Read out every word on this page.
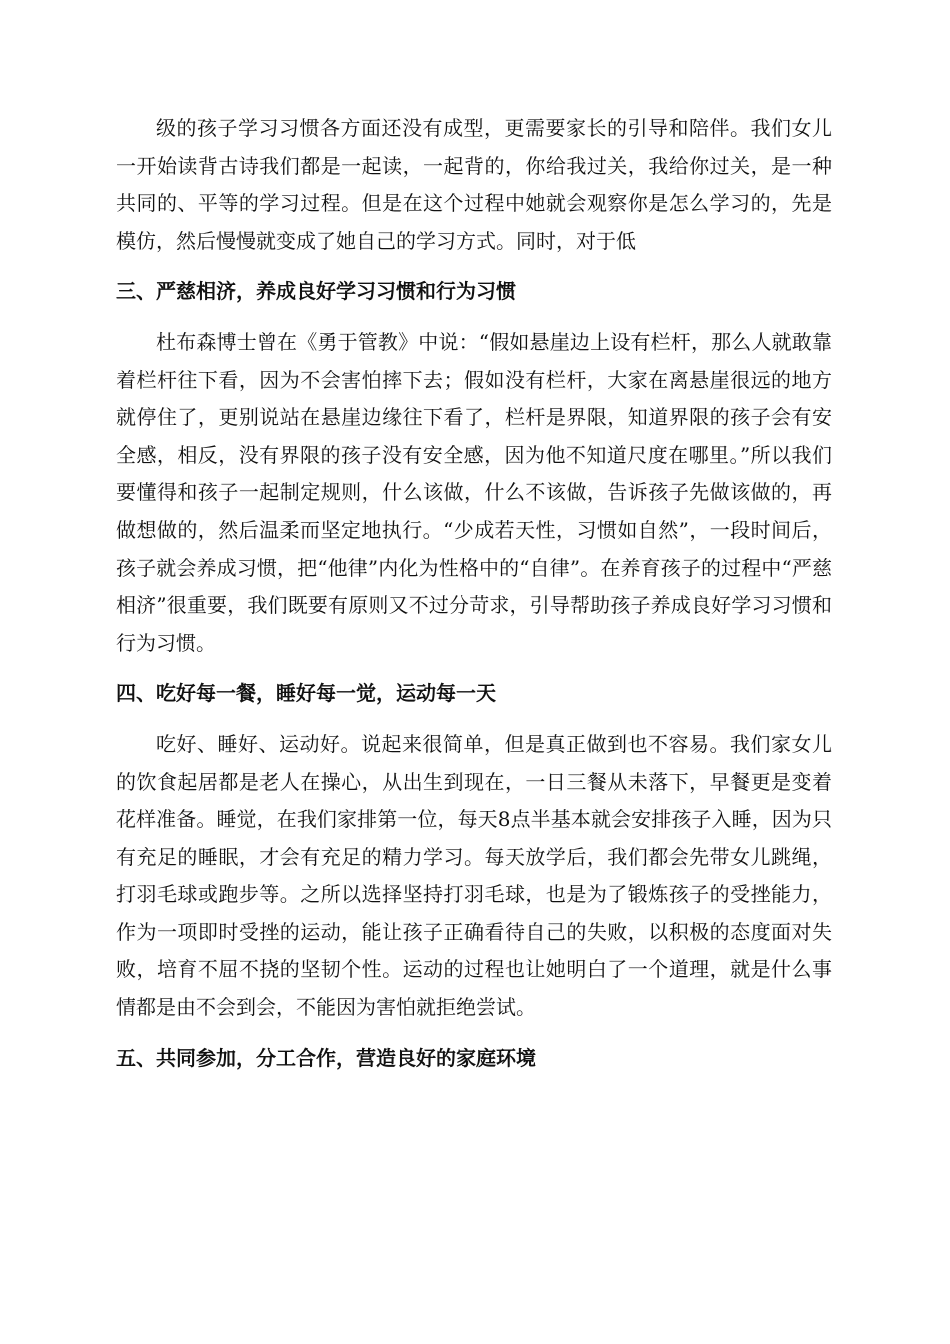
级的孩子学习习惯各方面还没有成型，更需要家长的引导和陪伴。我们女儿一开始读背古诗我们都是一起读，一起背的，你给我过关，我给你过关，是一种共同的、平等的学习过程。但是在这个过程中她就会观察你是怎么学习的，先是模仿，然后慢慢就变成了她自己的学习方式。同时，对于低

三、严慈相济，养成良好学习习惯和行为习惯

杜布森博士曾在《勇于管教》中说：“假如悬崖边上设有栏杆，那么人就敢靠着栏杆往下看，因为不会害怕摔下去；假如没有栏杆，大家在离悬崖很远的地方就停住了，更别说站在悬崖边缘往下看了，栏杆是界限，知道界限的孩子会有安全感，相反，没有界限的孩子没有安全感，因为他不知道尺度在哪里。”所以我们要懂得和孩子一起制定规则，什么该做，什么不该做，告诉孩子先做该做的，再做想做的，然后温柔而坚定地执行。“少成若天性，习惯如自然”，一段时间后，孩子就会养成习惯，把“他律”内化为性格中的“自律”。在养育孩子的过程中“严慈相济”很重要，我们既要有原则又不过分苛求，引导帮助孩子养成良好学习习惯和行为习惯。

四、吃好每一餐，睡好每一觉，运动每一天

吃好、睡好、运动好。说起来很简单，但是真正做到也不容易。我们家女儿的饮食起居都是老人在操心，从出生到现在，一日三餐从未落下，早餐更是变着花样准备。睡觉，在我们家排第一位，每天8点半基本就会安排孩子入睡，因为只有充足的睡眠，才会有充足的精力学习。每天放学后，我们都会先带女儿跳绳，打羽毛球或跑步等。之所以选择坚持打羽毛球，也是为了锻炼孩子的受挫能力，作为一项即时受挫的运动，能让孩子正确看待自己的失败，以积极的态度面对失败，培育不屈不挠的坚韧个性。运动的过程也让她明白了一个道理，就是什么事情都是由不会到会，不能因为害怕就拒绝尝试。

五、共同参加，分工合作，营造良好的家庭环境
